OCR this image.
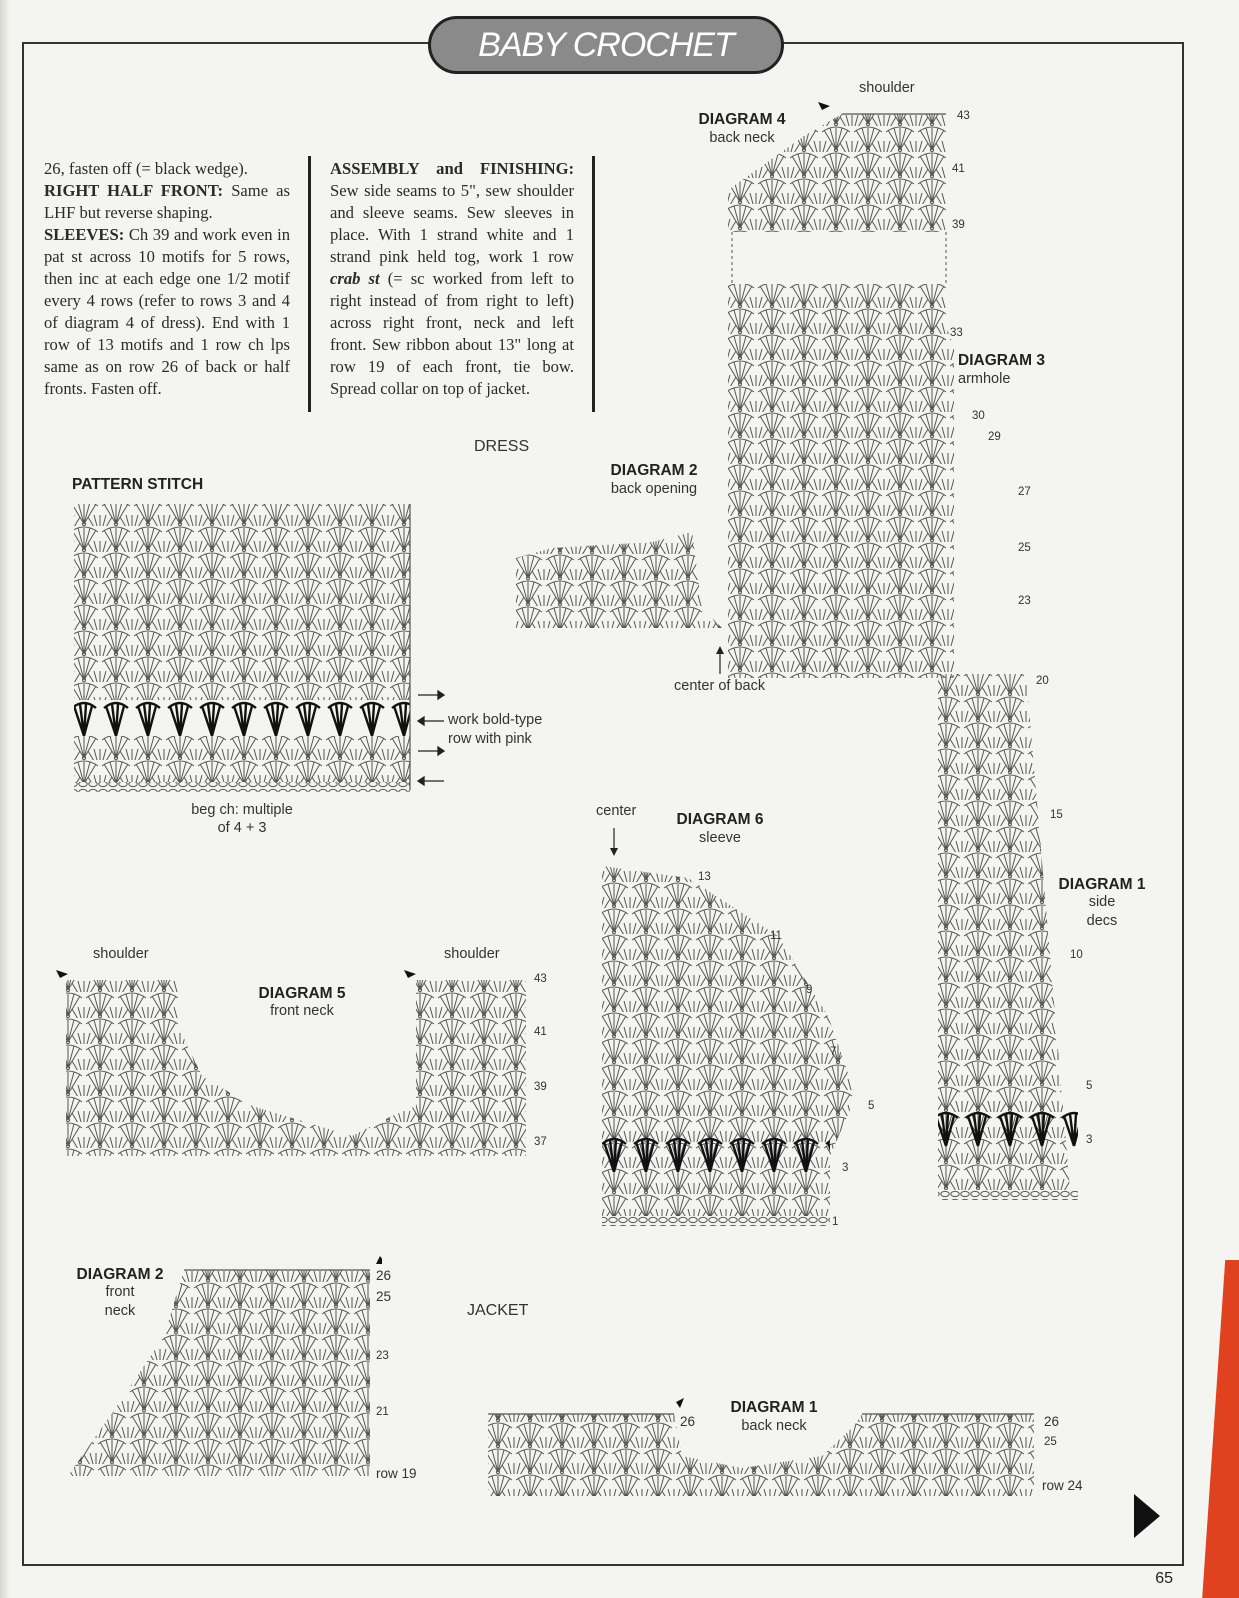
BABY CROCHET

26, fasten off (= black wedge).

RIGHT HALF FRONT: Same as LHF but reverse shaping.

SLEEVES: Ch 39 and work even in pat st across 10 motifs for 5 rows, then inc at each edge one 1/2 motif every 4 rows (refer to rows 3 and 4 of diagram 4 of dress). End with 1 row of 13 motifs and 1 row ch lps same as on row 26 of back or half fronts. Fasten off.

ASSEMBLY and FINISHING: Sew side seams to 5", sew shoulder and sleeve seams. Sew sleeves in place. With 1 strand white and 1 strand pink held tog, work 1 row crab st (= sc worked from left to right instead of from right to left) across right front, neck and left front. Sew ribbon about 13" long at row 19 of each front, tie bow. Spread collar on top of jacket.

DRESS
JACKET
PATTERN STITCH
work bold-type
row with pink
beg ch: multiple
of 4 + 3
DIAGRAM 4
back neck
shoulder
43
41
39
33
DIAGRAM 3
armhole
30
29
27
25
23
DIAGRAM 2
back opening
center of back	20
15
10
5
3
DIAGRAM 1
side
decs
center	DIAGRAM 6
sleeve
13
11
9
7
5
3
1
shoulder	shoulder
DIAGRAM 5
front neck
43
41
39
37
DIAGRAM 2
front
neck
26
25
23
21
row 19
DIAGRAM 1
back neck
26	26
25
row 24
65
